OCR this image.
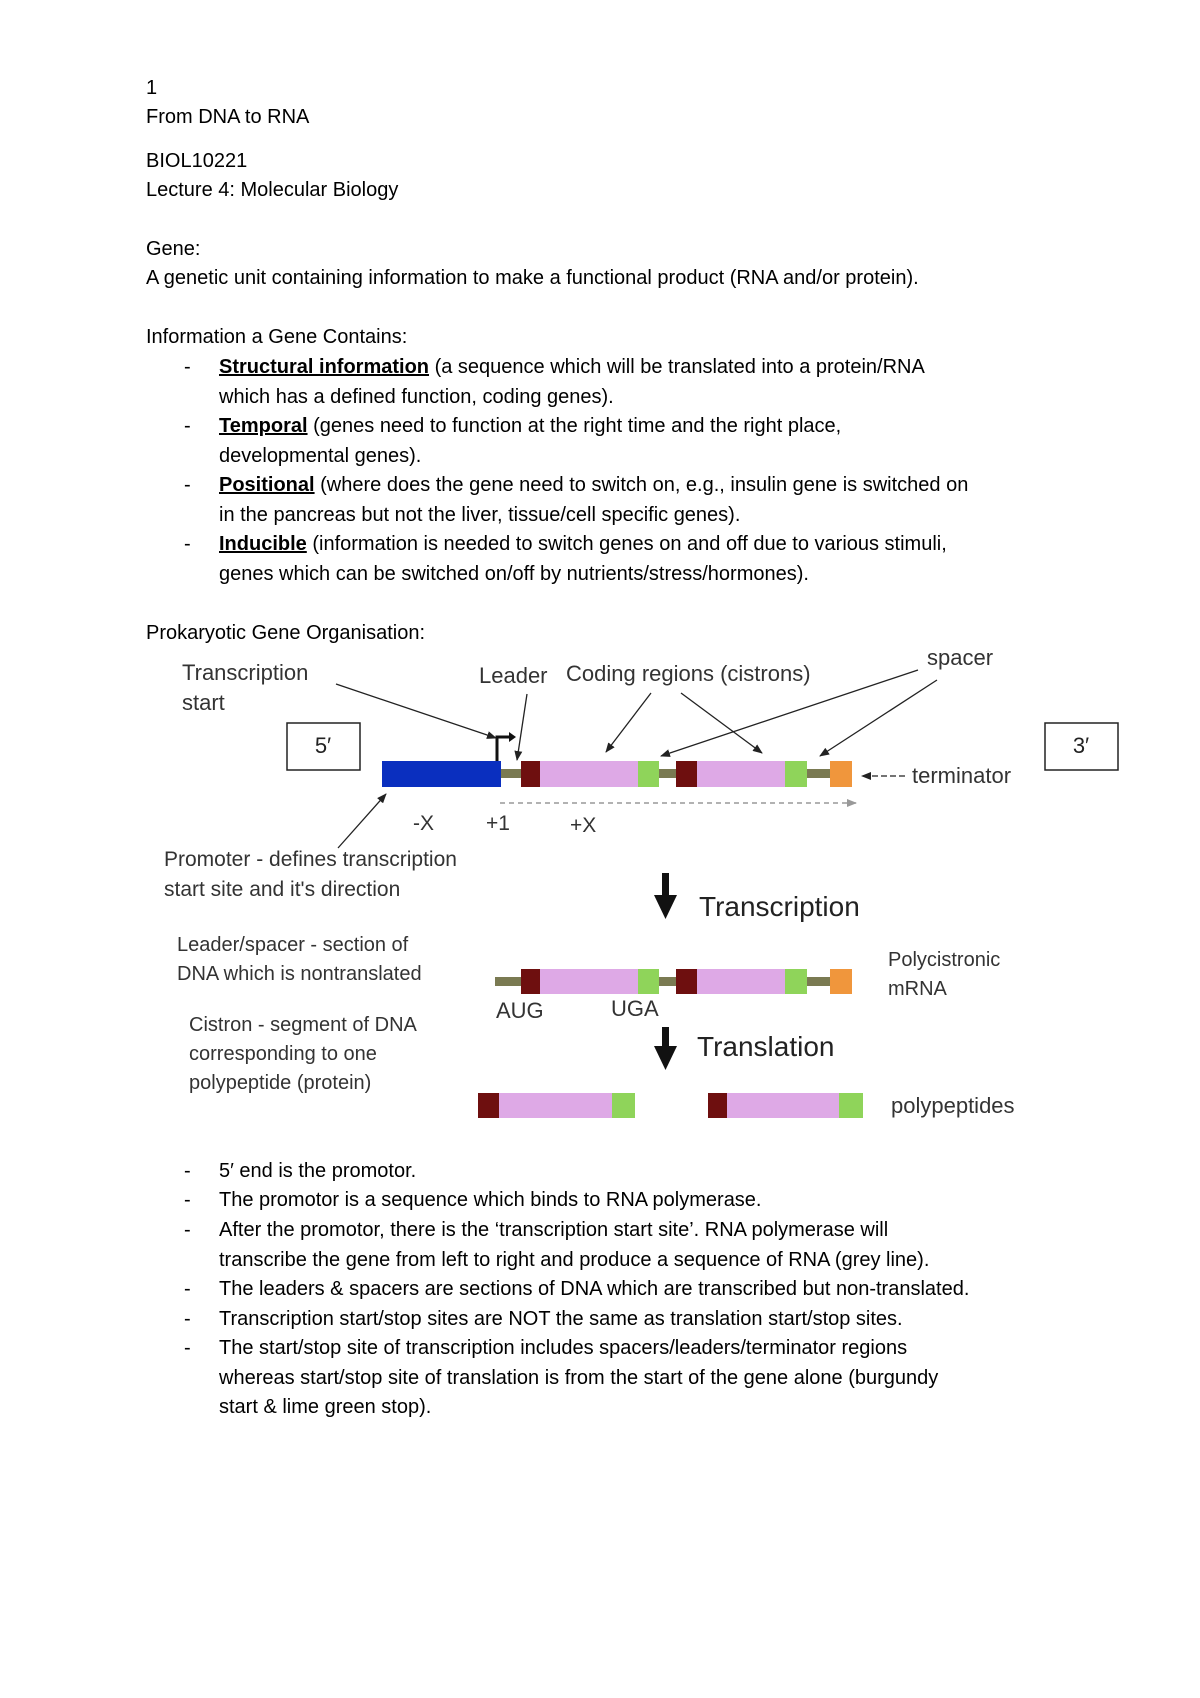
1
From DNA to RNA
BIOL10221
Lecture 4: Molecular Biology
Gene:
A genetic unit containing information to make a functional product (RNA and/or protein).
Information a Gene Contains:
- Structural information (a sequence which will be translated into a protein/RNA
which has a defined function, coding genes).
- Temporal (genes need to function at the right time and the right place,
developmental genes).
- Positional (where does the gene need to switch on, e.g., insulin gene is switched on
in the pancreas but not the liver, tissue/cell specific genes).
- Inducible (information is needed to switch genes on and off due to various stimuli,
genes which can be switched on/off by nutrients/stress/hormones).
Prokaryotic Gene Organisation:
Transcription
start
Leader Coding regions (cistrons)
spacer
5′	3′
terminator
-X +1	+X
Promoter - defines transcription
start site and it's direction
Transcription
Leader/spacer - section of
DNA which is nontranslated
Polycistronic
mRNA
AUG	UGA
Cistron - segment of DNA
corresponding to one
polypeptide (protein)
Translation
polypeptides
- 5′ end is the promotor.
- The promotor is a sequence which binds to RNA polymerase.
- After the promotor, there is the ‘transcription start site’. RNA polymerase will
transcribe the gene from left to right and produce a sequence of RNA (grey line).
- The leaders & spacers are sections of DNA which are transcribed but non-translated.
- Transcription start/stop sites are NOT the same as translation start/stop sites.
- The start/stop site of transcription includes spacers/leaders/terminator regions
whereas start/stop site of translation is from the start of the gene alone (burgundy
start & lime green stop).
